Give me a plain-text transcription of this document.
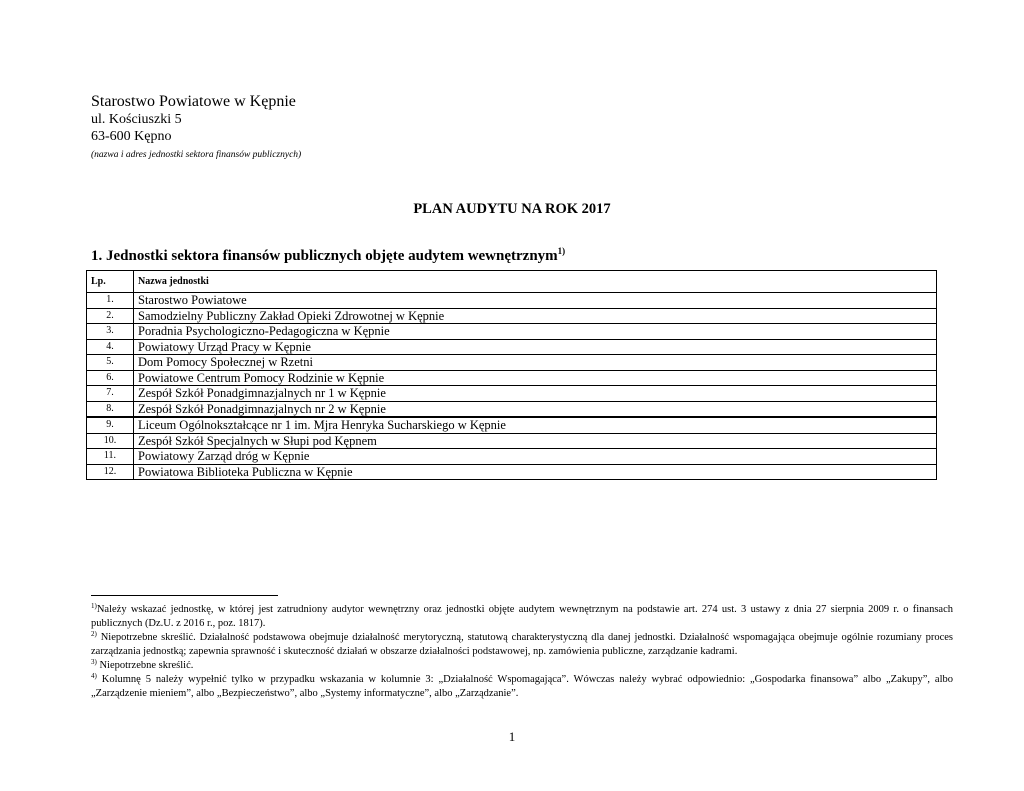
Starostwo Powiatowe w Kępnie
ul. Kościuszki 5
63-600 Kępno
(nazwa i adres jednostki sektora finansów publicznych)
PLAN AUDYTU NA ROK 2017
1. Jednostki sektora finansów publicznych objęte audytem wewnętrznym$^{1)}$
Lp.	Nazwa jednostki
1.	Starostwo Powiatowe
2.	Samodzielny Publiczny Zakład Opieki Zdrowotnej w Kępnie
3.	Poradnia Psychologiczno-Pedagogiczna w Kępnie
4.	Powiatowy Urząd Pracy w Kępnie
5.	Dom Pomocy Społecznej w Rzetni
6.	Powiatowe Centrum Pomocy Rodzinie w Kępnie
7.	Zespół Szkół Ponadgimnazjalnych nr 1 w Kępnie
8.	Zespół Szkół Ponadgimnazjalnych nr 2 w Kępnie
9.	Liceum Ogólnokształcące nr 1 im. Mjra Henryka Sucharskiego w Kępnie
10.	Zespół Szkół Specjalnych w Słupi pod Kępnem
11.	Powiatowy Zarząd dróg w Kępnie
12.	Powiatowa Biblioteka Publiczna w Kępnie

$^{1)}$Należy wskazać jednostkę, w której jest zatrudniony audytor wewnętrzny oraz jednostki objęte audytem wewnętrznym na podstawie art. 274 ust. 3 ustawy z dnia 27 sierpnia 2009 r. o finansach publicznych (Dz.U. z 2016 r., poz. 1817).

$^{2)}$ Niepotrzebne skreślić. Działalność podstawowa obejmuje działalność merytoryczną, statutową charakterystyczną dla danej jednostki. Działalność wspomagająca obejmuje ogólnie rozumiany proces zarządzania jednostką; zapewnia sprawność i skuteczność działań w obszarze działalności podstawowej, np. zamówienia publiczne, zarządzanie kadrami.

$^{3)}$ Niepotrzebne skreślić.

$^{4)}$ Kolumnę 5 należy wypełnić tylko w przypadku wskazania w kolumnie 3: „Działalność Wspomagająca”. Wówczas należy wybrać odpowiednio: „Gospodarka finansowa” albo „Zakupy”, albo „Zarządzenie mieniem”, albo „Bezpieczeństwo”, albo „Systemy informatyczne”, albo „Zarządzanie”.

1
